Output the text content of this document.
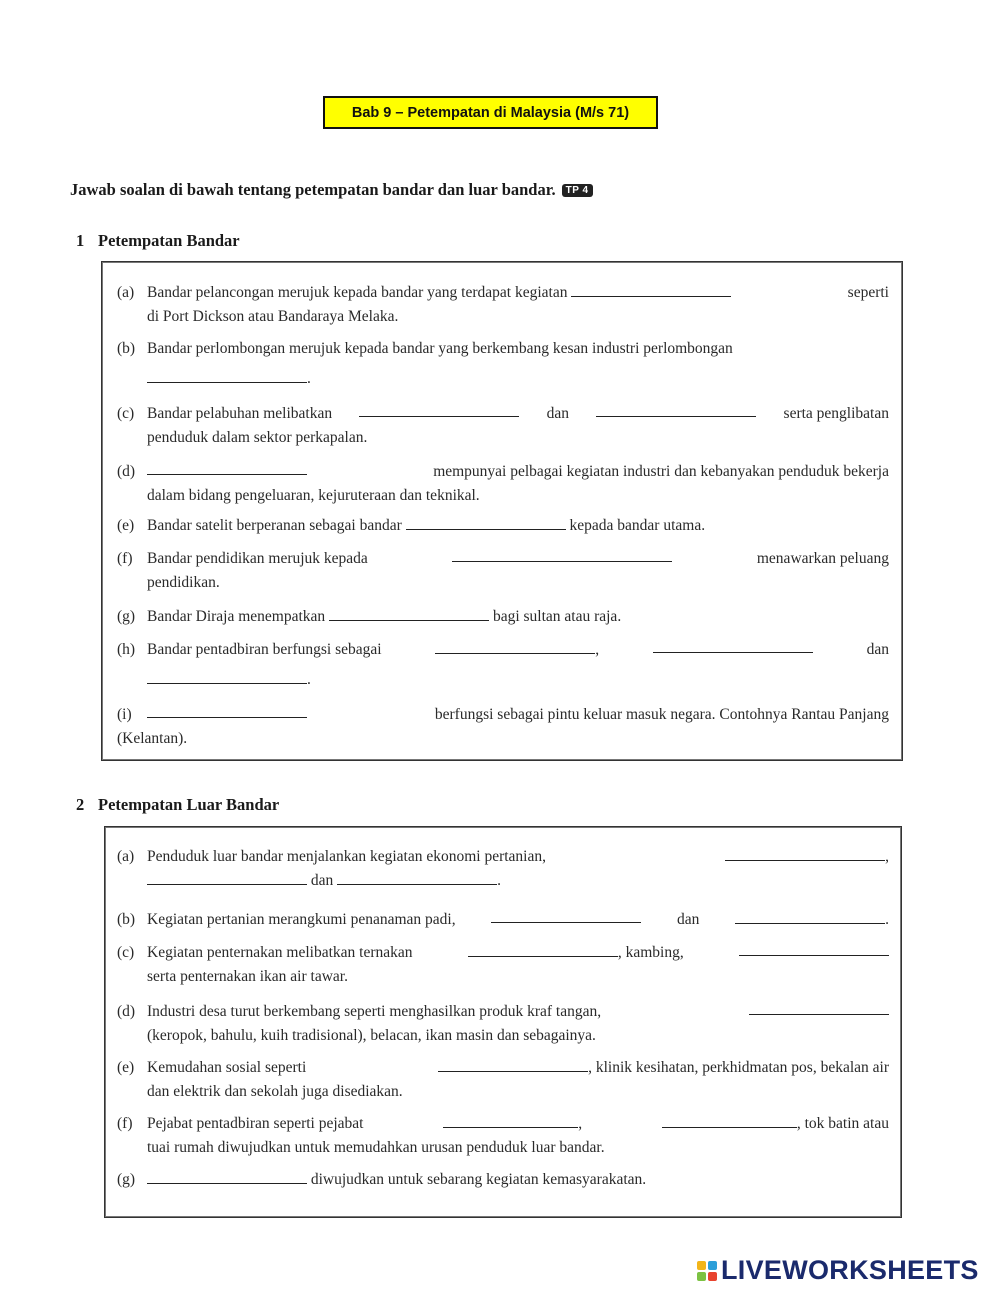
Bab 9 – Petempatan di Malaysia (M/s 71)
Jawab soalan di bawah tentang petempatan bandar dan luar bandar.	TP 4
1 Petempatan Bandar
(a) Bandar pelancongan merujuk kepada bandar yang terdapat kegiatan	seperti
di Port Dickson atau Bandaraya Melaka.
(b) Bandar perlombongan merujuk kepada bandar yang berkembang kesan industri perlombongan
.
(c) Bandar pelabuhan melibatkan	dan	serta penglibatan
penduduk dalam sektor perkapalan.
(d)	mempunyai pelbagai kegiatan industri dan kebanyakan penduduk bekerja
dalam bidang pengeluaran, kejuruteraan dan teknikal.
(e) Bandar satelit berperanan sebagai bandar	kepada bandar utama.
(f) Bandar pendidikan merujuk kepada	menawarkan peluang
pendidikan.
(g) Bandar Diraja menempatkan	bagi sultan atau raja.
(h) Bandar pentadbiran berfungsi sebagai	,	dan
.
(i)	berfungsi sebagai pintu keluar masuk negara. Contohnya Rantau Panjang
(Kelantan).
2 Petempatan Luar Bandar
(a) Penduduk luar bandar menjalankan kegiatan ekonomi pertanian,	,
dan	.
(b) Kegiatan pertanian merangkumi penanaman padi,	dan	.
(c) Kegiatan penternakan melibatkan ternakan	, kambing,
serta penternakan ikan air tawar.
(d) Industri desa turut berkembang seperti menghasilkan produk kraf tangan,
(keropok, bahulu, kuih tradisional), belacan, ikan masin dan sebagainya.
(e) Kemudahan sosial seperti	, klinik kesihatan, perkhidmatan pos, bekalan air
dan elektrik dan sekolah juga disediakan.
(f) Pejabat pentadbiran seperti pejabat	,	, tok batin atau
tuai rumah diwujudkan untuk memudahkan urusan penduduk luar bandar.
(g)	diwujudkan untuk sebarang kegiatan kemasyarakatan.
LIVEWORKSHEETS
